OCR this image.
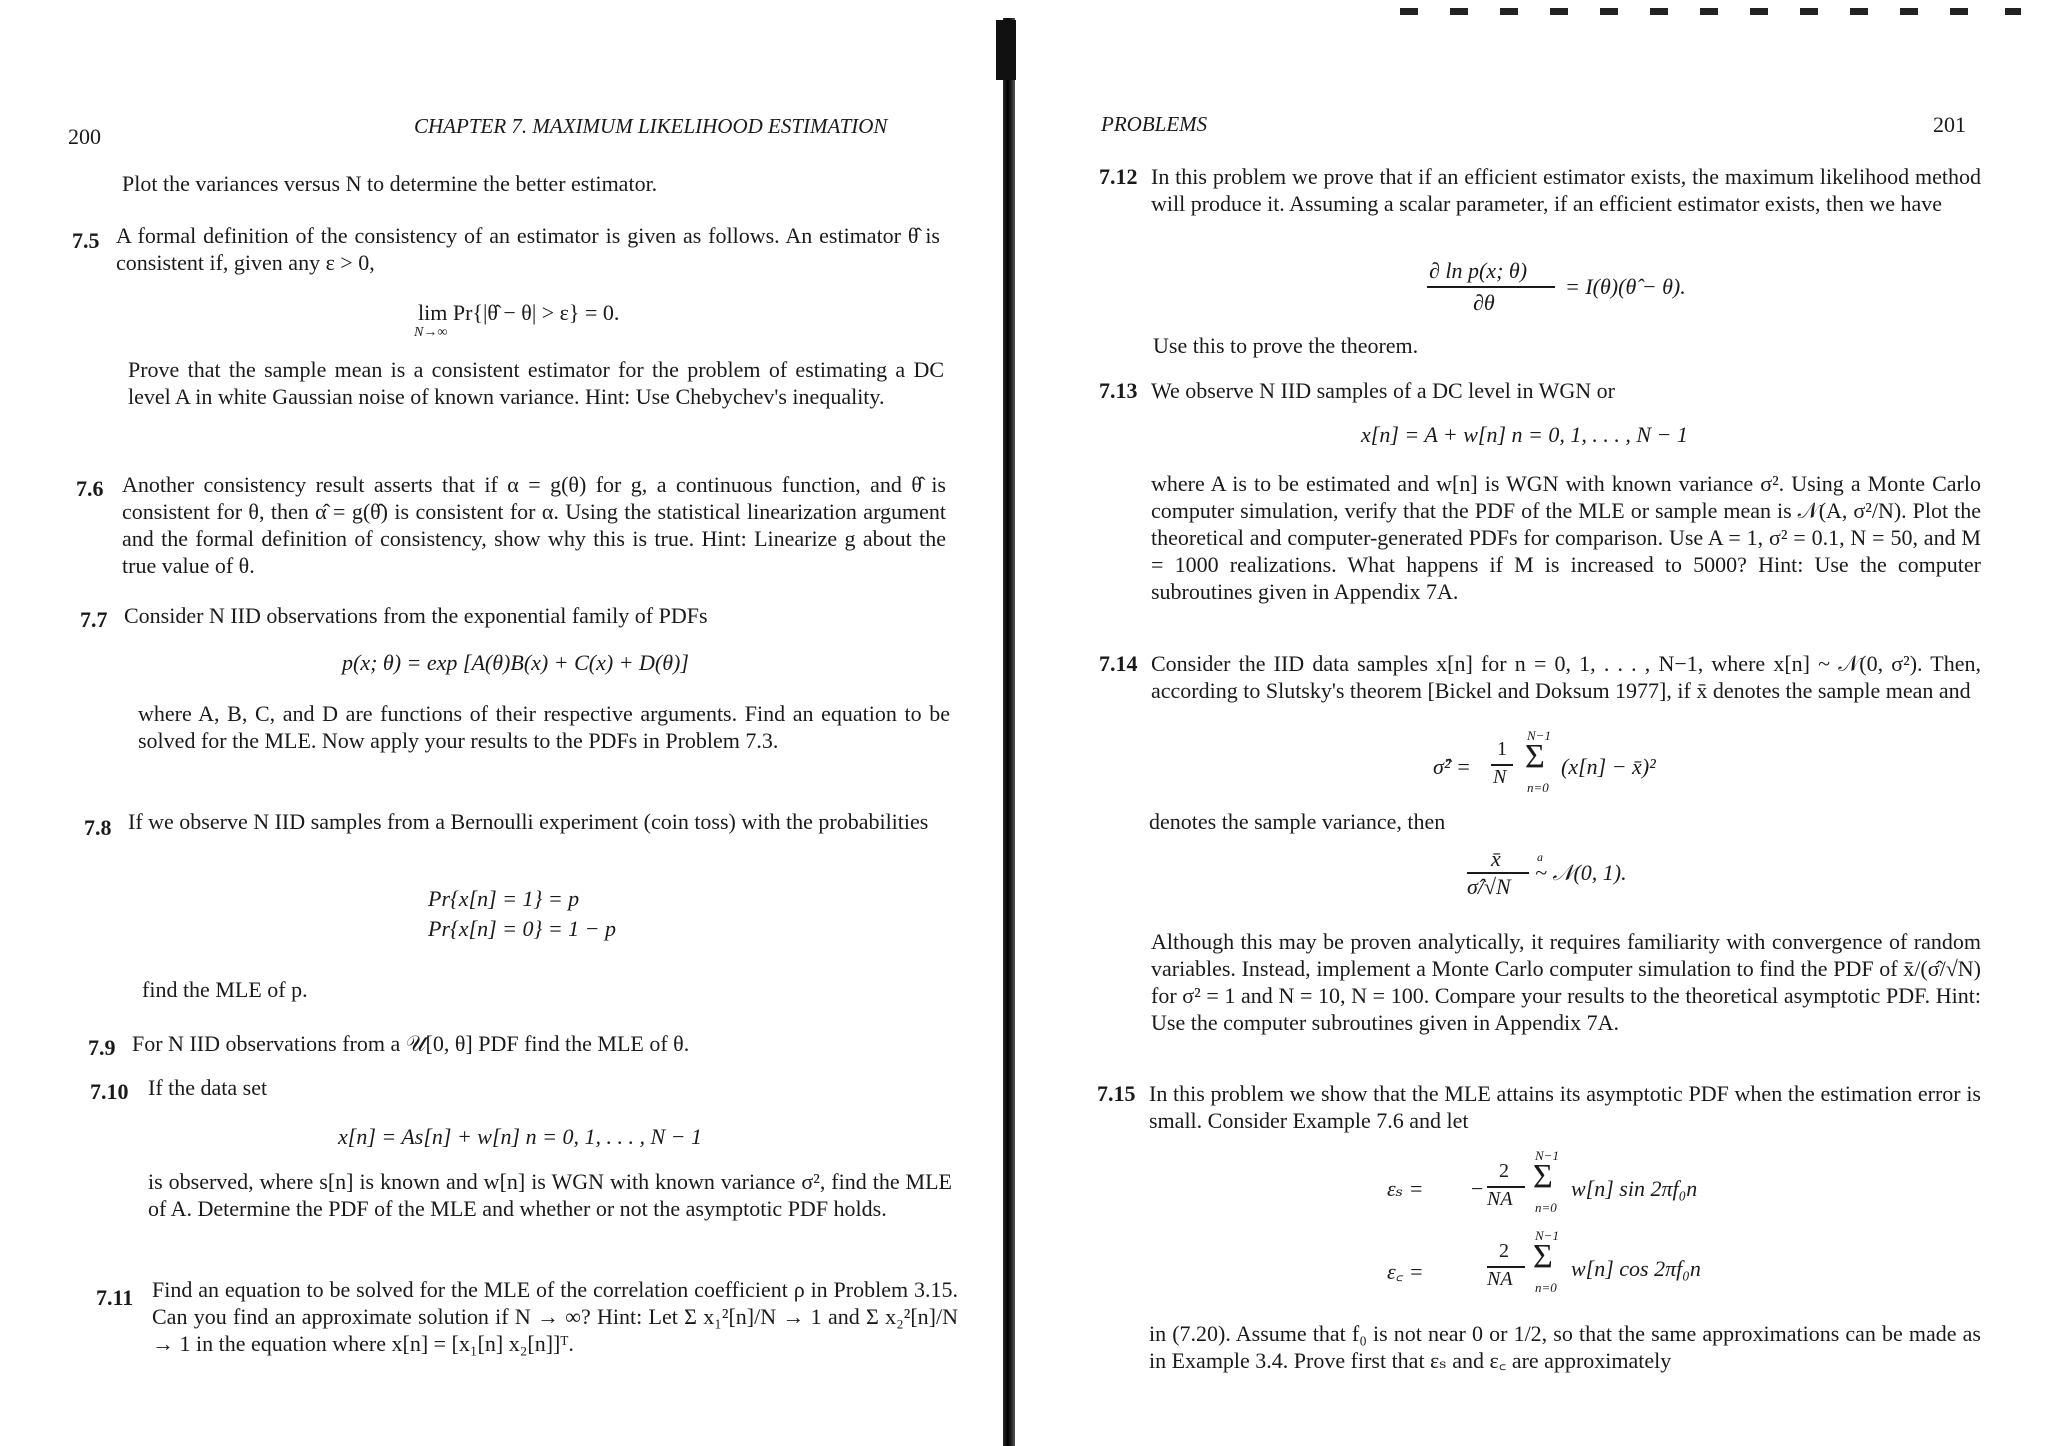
200	CHAPTER 7. MAXIMUM LIKELIHOOD ESTIMATION
Plot the variances versus N to determine the better estimator.
7.5 A formal definition of the consistency of an estimator is given as follows. An estimator θ̂ is consistent if, given any ε > 0,
lim Pr{|θ̂ − θ| > ε} = 0.
N→∞
Prove that the sample mean is a consistent estimator for the problem of estimating a DC level A in white Gaussian noise of known variance. Hint: Use Chebychev's inequality.
7.6 Another consistency result asserts that if α = g(θ) for g, a continuous function, and θ̂ is consistent for θ, then α̂ = g(θ̂) is consistent for α. Using the statistical linearization argument and the formal definition of consistency, show why this is true. Hint: Linearize g about the true value of θ.
7.7 Consider N IID observations from the exponential family of PDFs
p(x; θ) = exp [A(θ)B(x) + C(x) + D(θ)]
where A, B, C, and D are functions of their respective arguments. Find an equation to be solved for the MLE. Now apply your results to the PDFs in Problem 7.3.
7.8 If we observe N IID samples from a Bernoulli experiment (coin toss) with the probabilities
Pr{x[n] = 1} = p
Pr{x[n] = 0} = 1 − p
find the MLE of p.
7.9 For N IID observations from a 𝒰[0, θ] PDF find the MLE of θ.
7.10 If the data set
x[n] = As[n] + w[n] n = 0, 1, . . . , N − 1
is observed, where s[n] is known and w[n] is WGN with known variance σ², find the MLE of A. Determine the PDF of the MLE and whether or not the asymptotic PDF holds.
7.11 Find an equation to be solved for the MLE of the correlation coefficient ρ in Problem 3.15. Can you find an approximate solution if N → ∞? Hint: Let Σ x₁²[n]/N → 1 and Σ x₂²[n]/N → 1 in the equation where x[n] = [x₁[n] x₂[n]]ᵀ.
PROBLEMS	201
7.12 In this problem we prove that if an efficient estimator exists, the maximum likelihood method will produce it. Assuming a scalar parameter, if an efficient estimator exists, then we have
∂ ln p(x; θ)
∂θ
= I(θ)(θ̂ − θ).
Use this to prove the theorem.
7.13 We observe N IID samples of a DC level in WGN or
x[n] = A + w[n] n = 0, 1, . . . , N − 1
where A is to be estimated and w[n] is WGN with known variance σ². Using a Monte Carlo computer simulation, verify that the PDF of the MLE or sample mean is 𝒩(A, σ²/N). Plot the theoretical and computer-generated PDFs for comparison. Use A = 1, σ² = 0.1, N = 50, and M = 1000 realizations. What happens if M is increased to 5000? Hint: Use the computer subroutines given in Appendix 7A.
7.14 Consider the IID data samples x[n] for n = 0, 1, . . . , N−1, where x[n] ~ 𝒩(0, σ²). Then, according to Slutsky's theorem [Bickel and Doksum 1977], if x̄ denotes the sample mean and
σ̂² =
1
N
N−1
Σ
n=0
(x[n] − x̄)²
denotes the sample variance, then
x̄
σ̂/√N
a
~ 𝒩(0, 1).
Although this may be proven analytically, it requires familiarity with convergence of random variables. Instead, implement a Monte Carlo computer simulation to find the PDF of x̄/(σ̂/√N) for σ² = 1 and N = 10, N = 100. Compare your results to the theoretical asymptotic PDF. Hint: Use the computer subroutines given in Appendix 7A.
7.15 In this problem we show that the MLE attains its asymptotic PDF when the estimation error is small. Consider Example 7.6 and let
εₛ = −
2
NA
N−1
Σ
n=0
w[n] sin 2πf₀n
ε꜀ =
2
NA
N−1
Σ
n=0
w[n] cos 2πf₀n
in (7.20). Assume that f₀ is not near 0 or 1/2, so that the same approximations can be made as in Example 3.4. Prove first that εₛ and ε꜀ are approximately
